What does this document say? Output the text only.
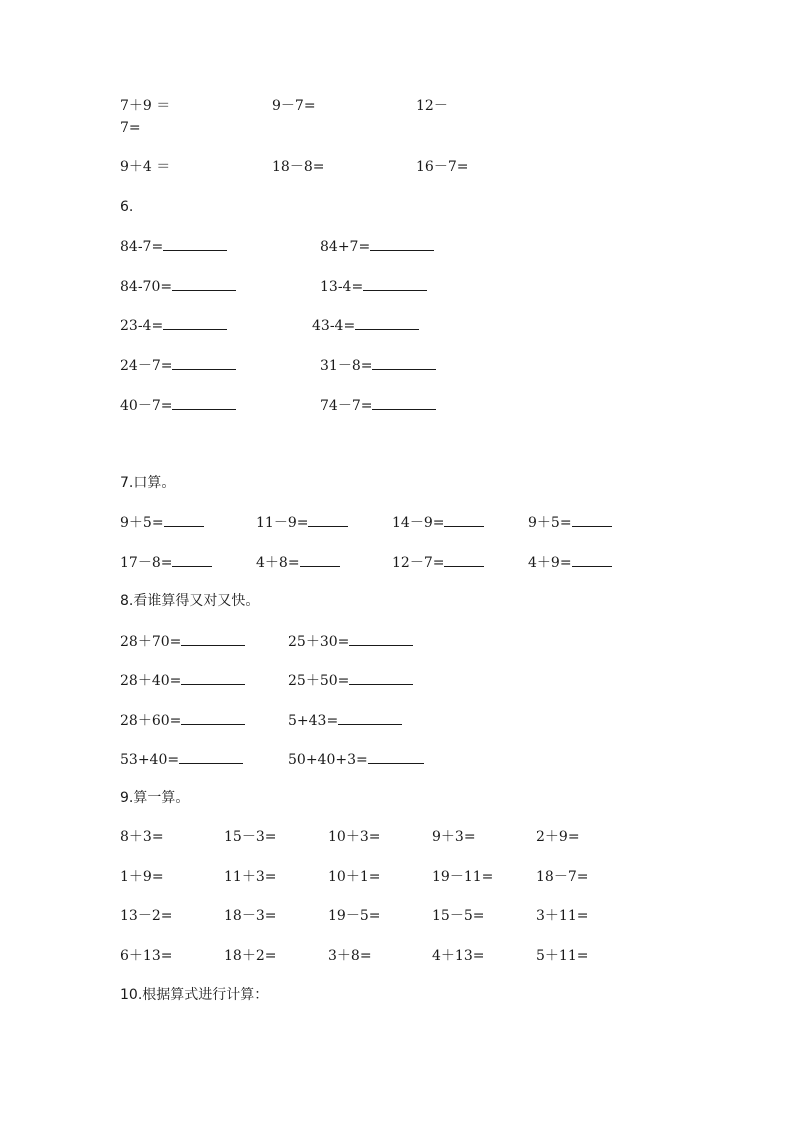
7＋9 ＝	9－7=	12－
7=
9＋4 ＝	18－8=	16－7=
6.
84-7=	84+7=
84-70=	13-4=
23-4=	43-4=
24－7=	31－8=
40－7=	74－7=
7.口算。
9＋5=	11－9=	14－9=	9＋5=
17－8=	4＋8=	12－7=	4＋9=
8.看谁算得又对又快。
28＋70=	25＋30=
28＋40=	25＋50=
28＋60=	5+43=
53+40=	50+40+3=
9.算一算。
8＋3=	15－3=	10＋3=	9＋3=	2＋9=
1＋9=	11＋3=	10＋1=	19－11=	18－7=
13－2=	18－3=	19－5=	15－5=	3＋11=
6＋13=	18＋2=	3＋8=	4＋13=	5＋11=
10.根据算式进行计算：
